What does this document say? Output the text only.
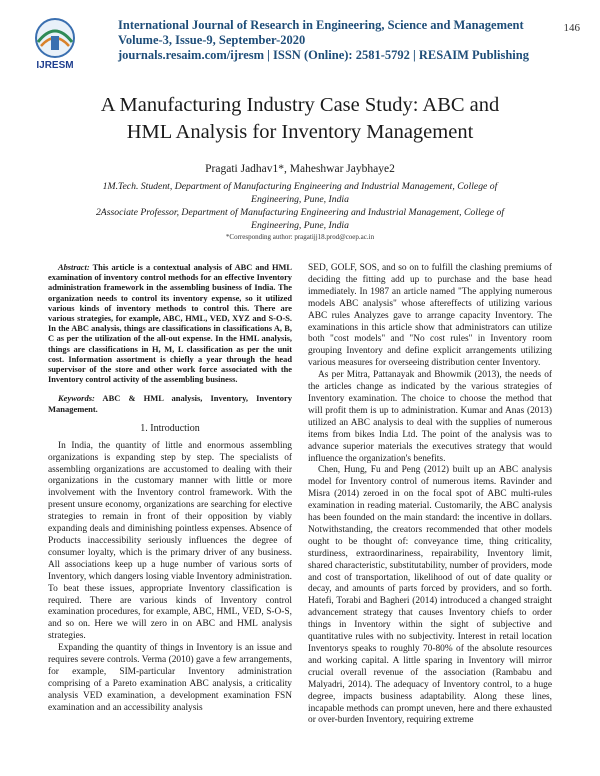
IJRESM
International Journal of Research in Engineering, Science and Management
Volume-3, Issue-9, September-2020
journals.resaim.com/ijresm | ISSN (Online): 2581-5792 | RESAIM Publishing
146
A Manufacturing Industry Case Study: ABC and
HML Analysis for Inventory Management
Pragati Jadhav1*, Maheshwar Jaybhaye2
1M.Tech. Student, Department of Manufacturing Engineering and Industrial Management, College of
Engineering, Pune, India
2Associate Professor, Department of Manufacturing Engineering and Industrial Management, College of
Engineering, Pune, India
*Corresponding author: pragatijj18.prod@coep.ac.in

Abstract: This article is a contextual analysis of ABC and HML examination of inventory control methods for an effective Inventory administration framework in the assembling business of India. The organization needs to control its inventory expense, so it utilized various kinds of inventory methods to control this. There are various strategies, for example, ABC, HML, VED, XYZ and S-O-S. In the ABC analysis, things are classifications in classifications A, B, C as per the utilization of the all-out expense. In the HML analysis, things are classifications in H, M, L classification as per the unit cost. Information assortment is chiefly a year through the head supervisor of the store and other work force associated with the Inventory control activity of the assembling business.

Keywords: ABC & HML analysis, Inventory, Inventory Management.

1. Introduction

In India, the quantity of little and enormous assembling organizations is expanding step by step. The specialists of assembling organizations are accustomed to dealing with their organizations in the customary manner with little or more involvement with the Inventory control framework. With the present unsure economy, organizations are searching for elective strategies to remain in front of their opposition by viably expanding deals and diminishing pointless expenses. Absence of Products inaccessibility seriously influences the degree of consumer loyalty, which is the primary driver of any business. All associations keep up a huge number of various sorts of Inventory, which dangers losing viable Inventory administration. To beat these issues, appropriate Inventory classification is required. There are various kinds of Inventory control examination procedures, for example, ABC, HML, VED, S-O-S, and so on. Here we will zero in on ABC and HML analysis strategies.

Expanding the quantity of things in Inventory is an issue and requires severe controls. Verma (2010) gave a few arrangements, for example, SIM-particular Inventory administration comprising of a Pareto examination ABC analysis, a criticality analysis VED examination, a development examination FSN examination and an accessibility analysis

SED, GOLF, SOS, and so on to fulfill the clashing premiums of deciding the fitting add up to purchase and the base head immediately. In 1987 an article named "The applying numerous models ABC analysis" whose aftereffects of utilizing various ABC rules Analyzes gave to arrange capacity Inventory. The examinations in this article show that administrators can utilize both "cost models" and "No cost rules" in Inventory room grouping Inventory and define explicit arrangements utilizing various measures for overseeing distribution center Inventory.

As per Mitra, Pattanayak and Bhowmik (2013), the needs of the articles change as indicated by the various strategies of Inventory examination. The choice to choose the method that will profit them is up to administration. Kumar and Anas (2013) utilized an ABC analysis to deal with the supplies of numerous items from bikes India Ltd. The point of the analysis was to advance superior materials the executives strategy that would influence the organization's benefits.

Chen, Hung, Fu and Peng (2012) built up an ABC analysis model for Inventory control of numerous items. Ravinder and Misra (2014) zeroed in on the focal spot of ABC multi-rules examination in reading material. Customarily, the ABC analysis has been founded on the main standard: the incentive in dollars. Notwithstanding, the creators recommended that other models ought to be thought of: conveyance time, thing criticality, sturdiness, extraordinariness, repairability, Inventory limit, shared characteristic, substitutability, number of providers, mode and cost of transportation, likelihood of out of date quality or decay, and amounts of parts forced by providers, and so forth. Hatefi, Torabi and Bagheri (2014) introduced a changed straight advancement strategy that causes Inventory chiefs to order things in Inventory within the sight of subjective and quantitative rules with no subjectivity. Interest in retail location Inventorys speaks to roughly 70-80% of the absolute resources and working capital. A little sparing in Inventory will mirror crucial overall revenue of the association (Rambabu and Malyadri, 2014). The adequacy of Inventory control, to a huge degree, impacts business adaptability. Along these lines, incapable methods can prompt uneven, here and there exhausted or over-burden Inventory, requiring extreme
